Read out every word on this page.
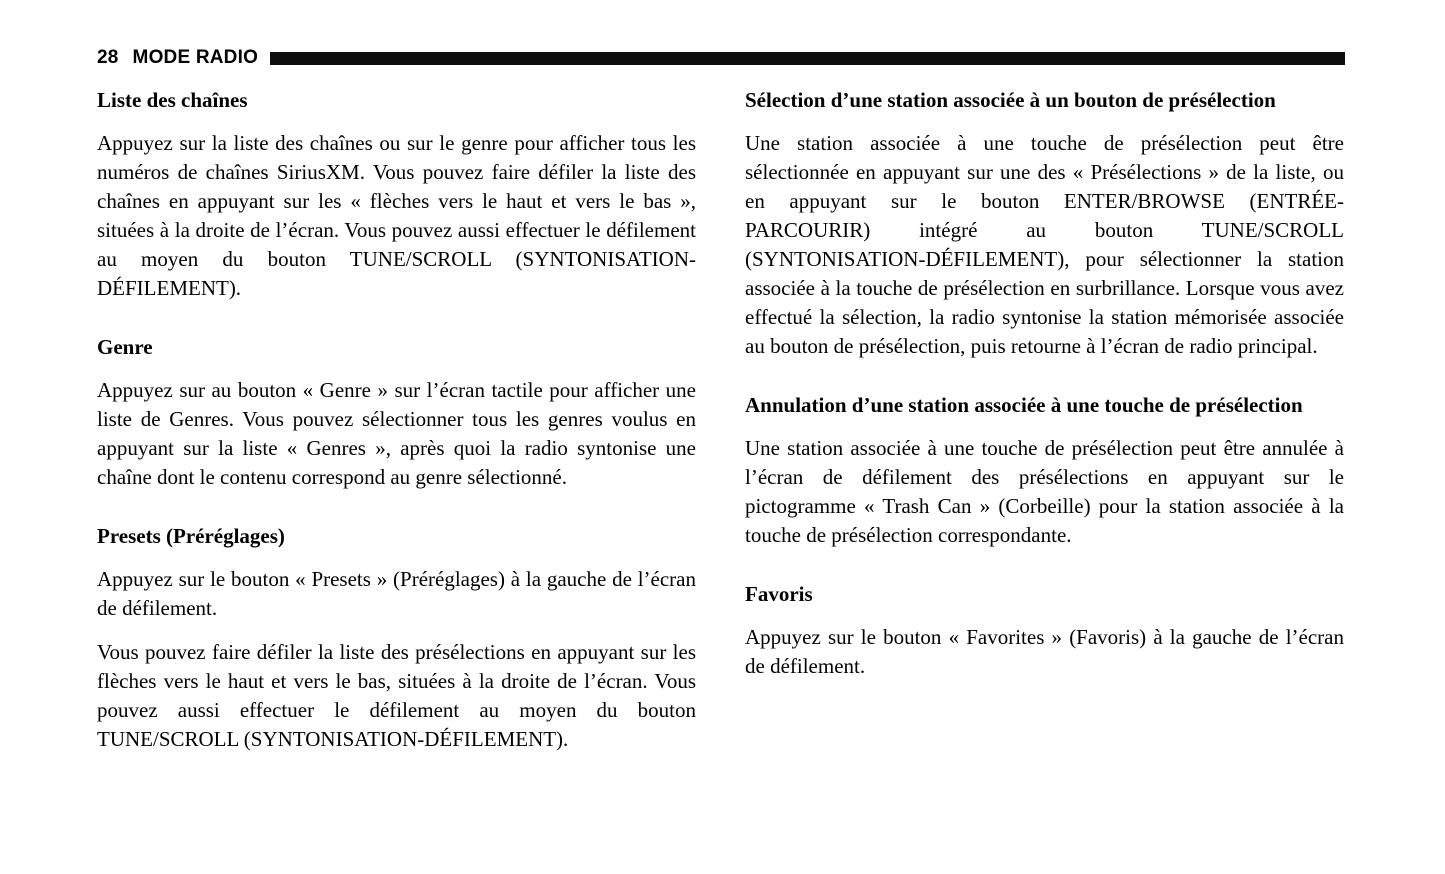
28 MODE RADIO
Liste des chaînes

Appuyez sur la liste des chaînes ou sur le genre pour afficher tous les numéros de chaînes SiriusXM. Vous pouvez faire défiler la liste des chaînes en appuyant sur les « flèches vers le haut et vers le bas », situées à la droite de l’écran. Vous pouvez aussi effectuer le défilement au moyen du bouton TUNE/SCROLL (SYNTONISATION-DÉFILEMENT).

Genre

Appuyez sur au bouton « Genre » sur l’écran tactile pour afficher une liste de Genres. Vous pouvez sélectionner tous les genres voulus en appuyant sur la liste « Genres », après quoi la radio syntonise une chaîne dont le contenu correspond au genre sélectionné.

Presets (Préréglages)

Appuyez sur le bouton « Presets » (Préréglages) à la gauche de l’écran de défilement.

Vous pouvez faire défiler la liste des présélections en appuyant sur les flèches vers le haut et vers le bas, situées à la droite de l’écran. Vous pouvez aussi effectuer le défilement au moyen du bouton TUNE/SCROLL (SYNTONISATION-DÉFILEMENT).

Sélection d’une station associée à un bouton de présélection

Une station associée à une touche de présélection peut être sélectionnée en appuyant sur une des « Présélections » de la liste, ou en appuyant sur le bouton ENTER/BROWSE (ENTRÉE-PARCOURIR) intégré au bouton TUNE/SCROLL (SYNTONISATION-DÉFILEMENT), pour sélectionner la station associée à la touche de présélection en surbrillance. Lorsque vous avez effectué la sélection, la radio syntonise la station mémorisée associée au bouton de présélection, puis retourne à l’écran de radio principal.

Annulation d’une station associée à une touche de présélection

Une station associée à une touche de présélection peut être annulée à l’écran de défilement des présélections en appuyant sur le pictogramme « Trash Can » (Corbeille) pour la station associée à la touche de présélection correspondante.

Favoris

Appuyez sur le bouton « Favorites » (Favoris) à la gauche de l’écran de défilement.
